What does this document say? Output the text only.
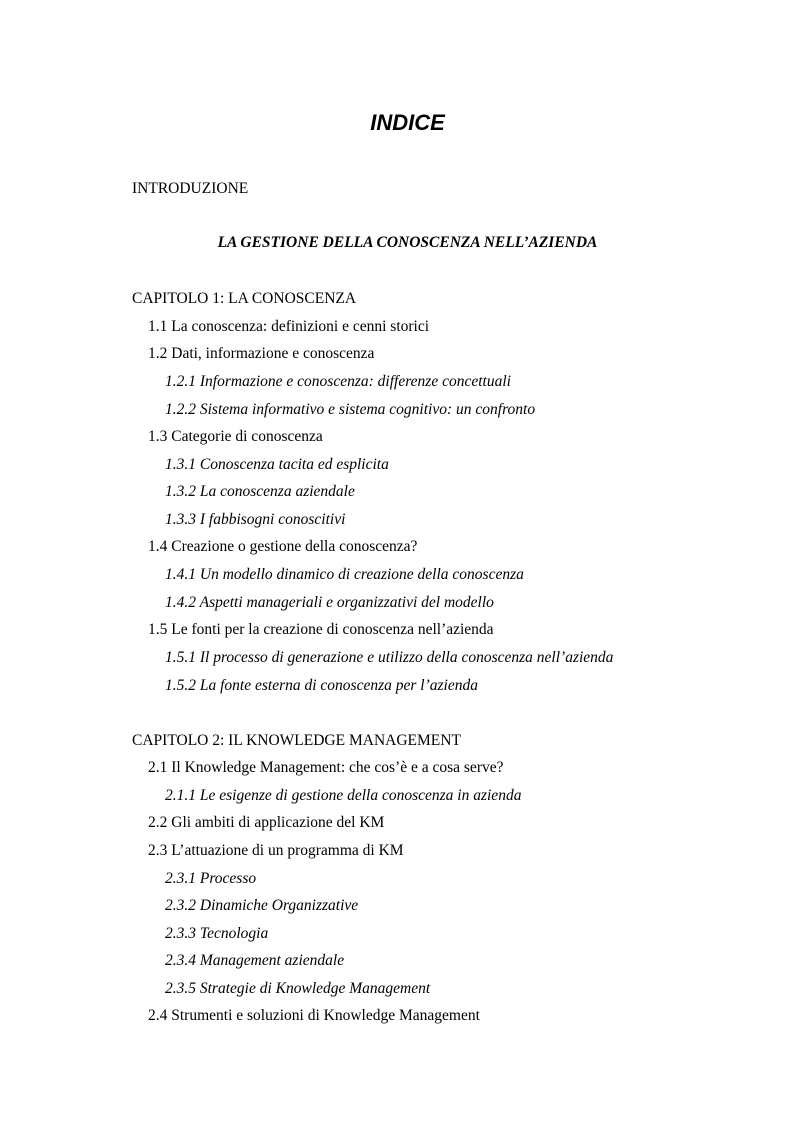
INDICE

INTRODUZIONE

LA GESTIONE DELLA CONOSCENZA NELL’AZIENDA

CAPITOLO 1: LA CONOSCENZA

1.1 La conoscenza: definizioni e cenni storici

1.2 Dati, informazione e conoscenza

1.2.1 Informazione e conoscenza: differenze concettuali

1.2.2 Sistema informativo e sistema cognitivo: un confronto

1.3 Categorie di conoscenza

1.3.1 Conoscenza tacita ed esplicita

1.3.2 La conoscenza aziendale

1.3.3 I fabbisogni conoscitivi

1.4 Creazione o gestione della conoscenza?

1.4.1 Un modello dinamico di creazione della conoscenza

1.4.2 Aspetti manageriali e organizzativi del modello

1.5 Le fonti per la creazione di conoscenza nell’azienda

1.5.1 Il processo di generazione e utilizzo della conoscenza nell’azienda

1.5.2 La fonte esterna di conoscenza per l’azienda

CAPITOLO 2: IL KNOWLEDGE MANAGEMENT

2.1 Il Knowledge Management: che cos’è e a cosa serve?

2.1.1 Le esigenze di gestione della conoscenza in azienda

2.2 Gli ambiti di applicazione del KM

2.3 L’attuazione di un programma di KM

2.3.1 Processo

2.3.2 Dinamiche Organizzative

2.3.3 Tecnologia

2.3.4 Management aziendale

2.3.5 Strategie di Knowledge Management

2.4 Strumenti e soluzioni di Knowledge Management
